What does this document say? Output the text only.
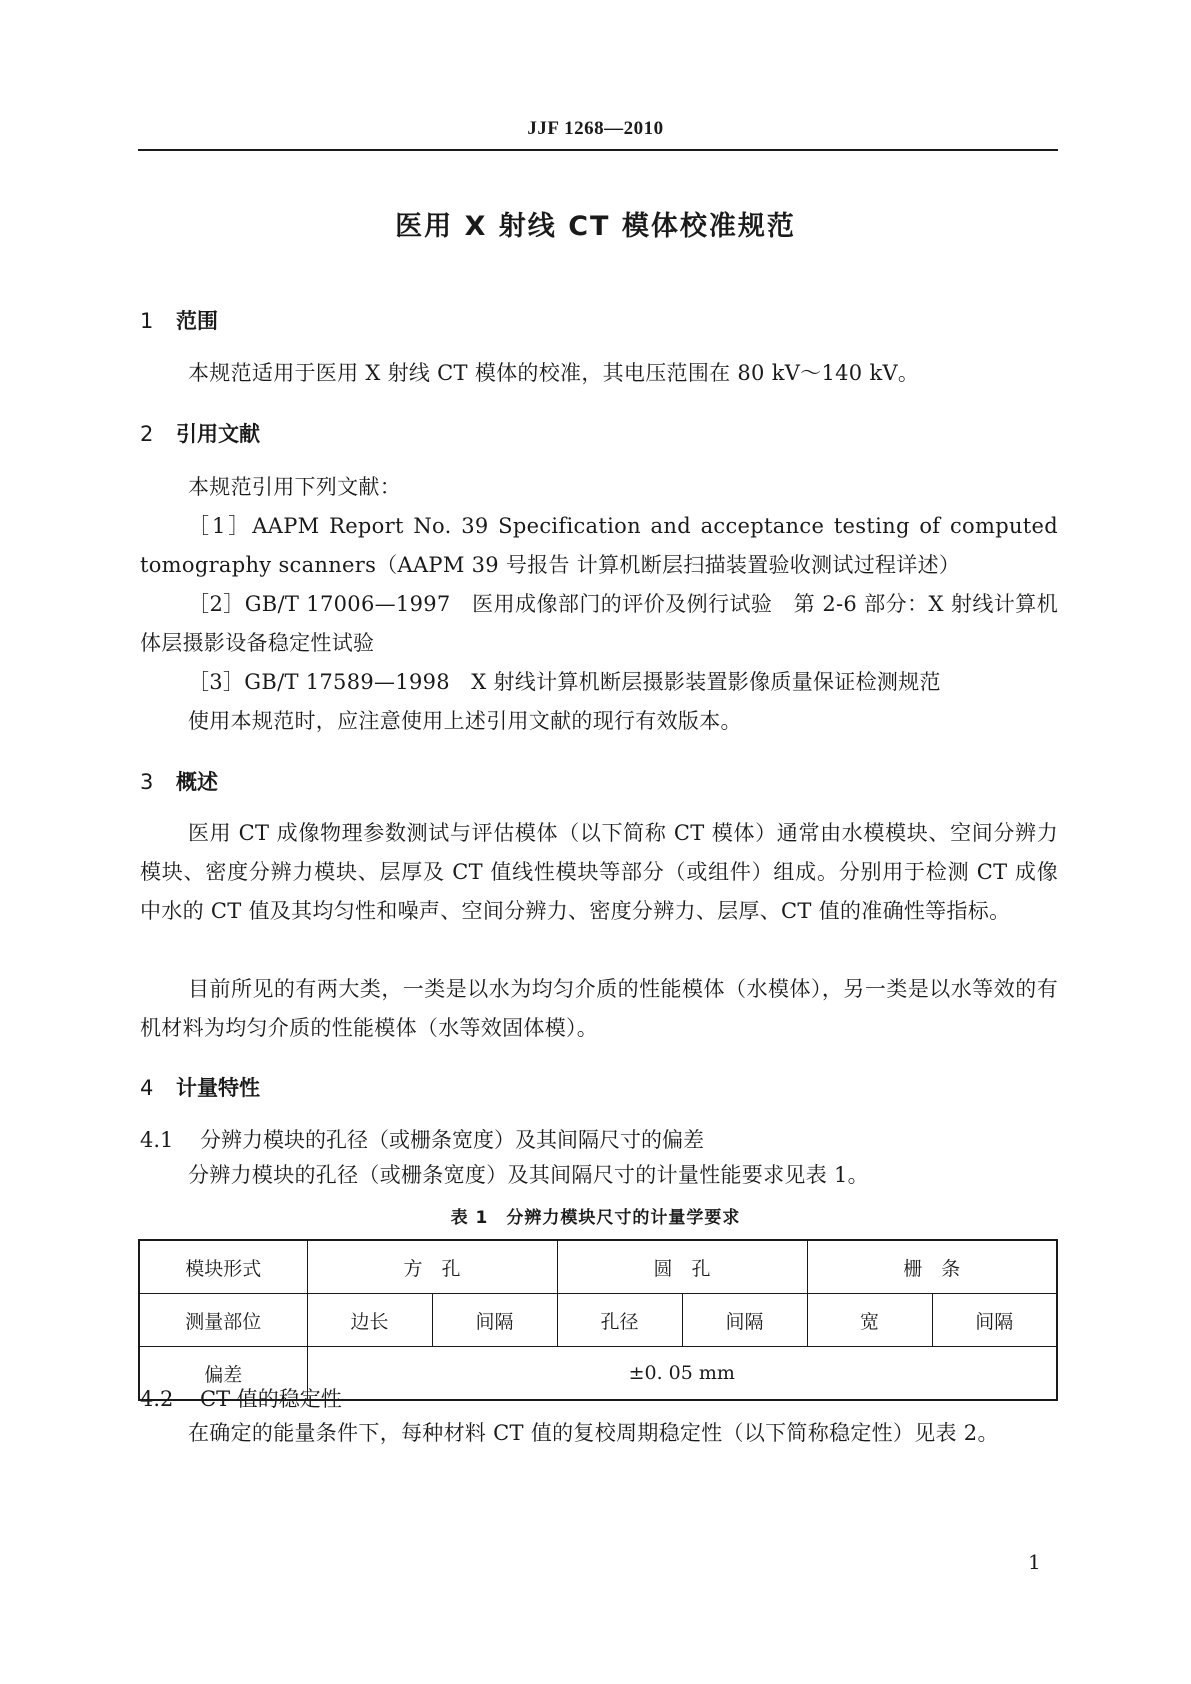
JJF 1268—2010
医用 X 射线 CT 模体校准规范
1 范围
本规范适用于医用 X 射线 CT 模体的校准，其电压范围在 80 kV～140 kV。
2 引用文献
本规范引用下列文献：
［1］AAPM Report No. 39 Specification and acceptance testing of computed tomography scanners（AAPM 39 号报告 计算机断层扫描装置验收测试过程详述）
［2］GB/T 17006—1997　医用成像部门的评价及例行试验　第 2-6 部分：X 射线计算机体层摄影设备稳定性试验
［3］GB/T 17589—1998　X 射线计算机断层摄影装置影像质量保证检测规范
使用本规范时，应注意使用上述引用文献的现行有效版本。
3 概述
医用 CT 成像物理参数测试与评估模体（以下简称 CT 模体）通常由水模模块、空间分辨力模块、密度分辨力模块、层厚及 CT 值线性模块等部分（或组件）组成。分别用于检测 CT 成像中水的 CT 值及其均匀性和噪声、空间分辨力、密度分辨力、层厚、CT 值的准确性等指标。
目前所见的有两大类，一类是以水为均匀介质的性能模体（水模体），另一类是以水等效的有机材料为均匀介质的性能模体（水等效固体模）。
4 计量特性
4.1 分辨力模块的孔径（或栅条宽度）及其间隔尺寸的偏差
分辨力模块的孔径（或栅条宽度）及其间隔尺寸的计量性能要求见表 1。
表 1　分辨力模块尺寸的计量学要求
模块形式	方　孔		圆　孔		栅　条	
测量部位	边长	间隔	孔径	间隔	宽	间隔
偏差	±0. 05 mm					
4.2 CT 值的稳定性
在确定的能量条件下，每种材料 CT 值的复校周期稳定性（以下简称稳定性）见表 2。
1
